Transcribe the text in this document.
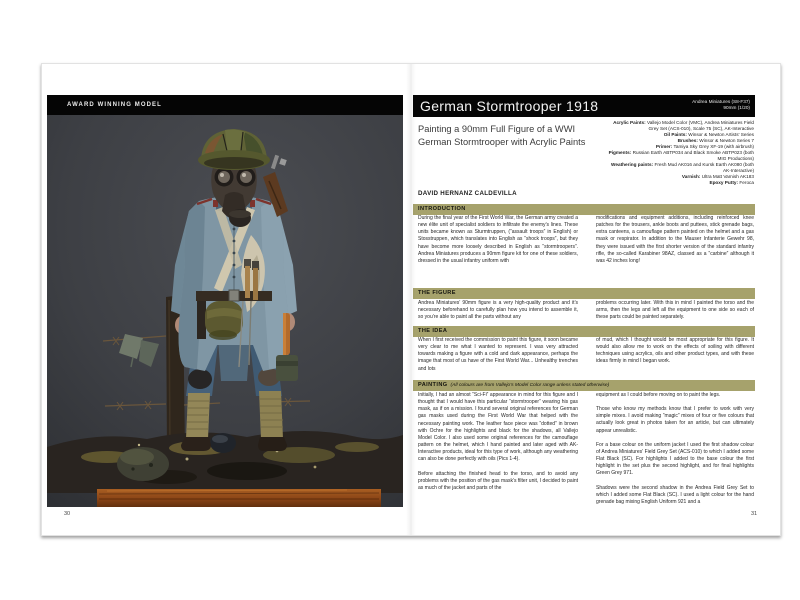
AWARD WINNING MODEL
30
German Stormtrooper 1918	Andrea Miniatures (S8-F37)
90mm (1/20)
Painting a 90mm Full Figure of a WWI German Stormtrooper with Acrylic Paints
Acrylic Paints: Vallejo Model Color (VMC), Andrea Miniatures Field Grey Set (ACS-010), Scale 75 (SC), AK-Interactive
Oil Paints: Winsor & Newton Artists’ Series
Brushes: Winsor & Newton Series 7
Primer: Tamiya Sky Grey XF-19 (with airbrush)
Pigments: Russian Earth ABTP034 and Black Smoke ABTP023 (both MIG Productions)
Weathering paints: Fresh Mud AK016 and Kursk Earth AK080 (both AK-Interactive)
Varnish: Ultra Matt Varnish AK183
Epoxy Putty: Feroca
DAVID HERNANZ CALDEVILLA
INTRODUCTION

During the final year of the First World War, the German army created a new élite unit of specialist soldiers to infiltrate the enemy’s lines. These units became known as Sturmtruppen, (“assault troops” in English) or Stosstruppen, which translates into English as “shock troops”, but they have become more loosely described in English as “stormtroopers”. Andrea Miniatures produces a 90mm figure kit for one of these soldiers, dressed in the usual infantry uniform with

modifications and equipment additions, including reinforced knee patches for the trousers, ankle boots and puttees, stick grenade bags, extra canteens, a camouflage pattern painted on the helmet and a gas mask or respirator. In addition to the Mauser Infanterie Gewehr 98, they were issued with the first shorter version of the standard infantry rifle, the so-called Karabiner 98AZ, classed as a “carbine” although it was 42 inches long!

THE FIGURE

Andrea Miniatures’ 90mm figure is a very high-quality product and it’s necessary beforehand to carefully plan how you intend to assemble it, so you’re able to paint all the parts without any

problems occurring later. With this in mind I painted the torso and the arms, then the legs and left all the equipment to one side so each of these parts could be painted separately.

THE IDEA

When I first received the commission to paint this figure, it soon became very clear to me what I wanted to represent. I was very attracted towards making a figure with a cold and dark appearance, perhaps the image that most of us have of the First World War... Unhealthy trenches and lots

of mud, which I thought would be most appropriate for this figure. It would also allow me to work on the effects of soiling with different techniques using acrylics, oils and other product types, and with these ideas firmly in mind I began work.

PAINTING (All colours are from Vallejo’s Model Color range unless stated otherwise)

Initially, I had an almost “Sci-Fi” appearance in mind for this figure and I thought that I would have this particular “stormtrooper” wearing his gas mask, as if on a mission. I found several original references for German gas masks used during the First World War that helped with the necessary painting work. The leather face piece was “dotted” in brown with Ochre for the highlights and black for the shadows, all Vallejo Model Color. I also used some original references for the camouflage pattern on the helmet, which I hand painted and later aged with AK-Interactive products, ideal for this type of work, although any weathering can also be done perfectly with oils (Pics 1-4).

Before attaching the finished head to the torso, and to avoid any problems with the position of the gas mask’s filter unit, I decided to paint as much of the jacket and parts of the

equipment as I could before moving on to paint the legs.

Those who know my methods know that I prefer to work with very simple mixes. I avoid making “magic” mixes of four or five colours that actually look great in photos taken for an article, but can ultimately appear unrealistic.

For a base colour on the uniform jacket I used the first shadow colour of Andrea Miniatures’ Field Grey Set (ACS-010) to which I added some Flat Black (SC). For highlights I added to the base colour the first highlight in the set plus the second highlight, and for final highlights Green Grey 971.

Shadows were the second shadow in the Andrea Field Grey Set to which I added some Flat Black (SC). I used a light colour for the hand grenade bag mixing English Uniform 921 and a

31
